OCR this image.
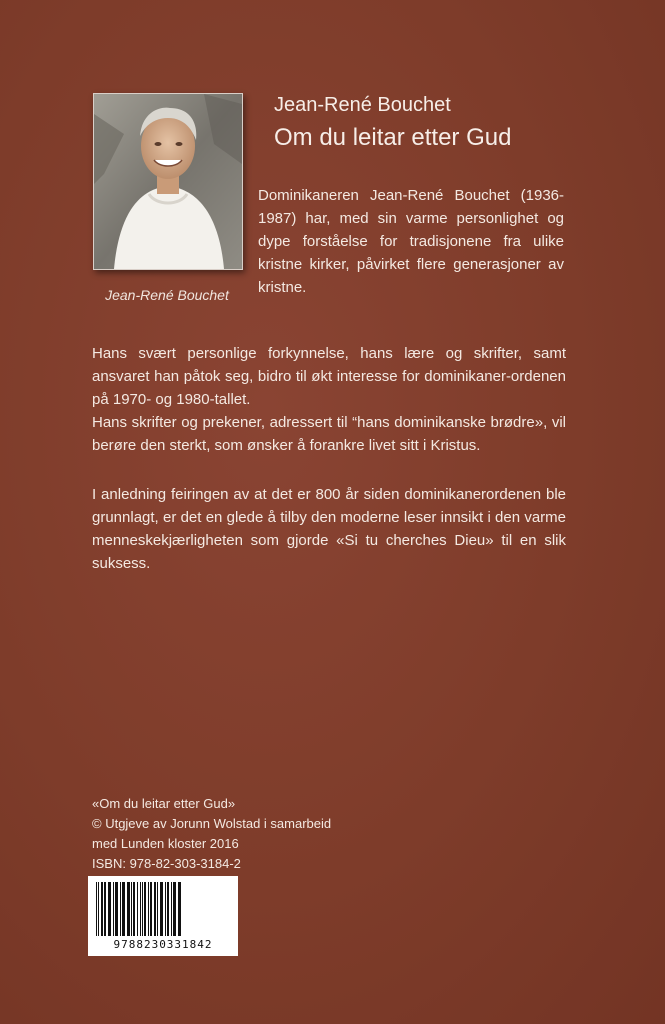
Jean-René Bouchet
Jean-René Bouchet
Om du leitar etter Gud

Dominikaneren Jean-René Bouchet (1936-1987) har, med sin varme personlighet og dype forståelse for tradisjonene fra ulike kristne kirker, påvirket flere generasjoner av kristne.

Hans svært personlige forkynnelse, hans lære og skrifter, samt ansvaret han påtok seg, bidro til økt interesse for dominikaner-ordenen på 1970- og 1980-tallet.

Hans skrifter og prekener, adressert til “hans dominikanske brødre», vil berøre den sterkt, som ønsker å forankre livet sitt i Kristus.

I anledning feiringen av at det er 800 år siden dominikanerordenen ble grunnlagt, er det en glede å tilby den moderne leser innsikt i den varme menneskekjærligheten som gjorde «Si tu cherches Dieu» til en slik suksess.

«Om du leitar etter Gud»
© Utgjeve av Jorunn Wolstad i samarbeid
med Lunden kloster 2016
ISBN: 978-82-303-3184-2
9788230331842
